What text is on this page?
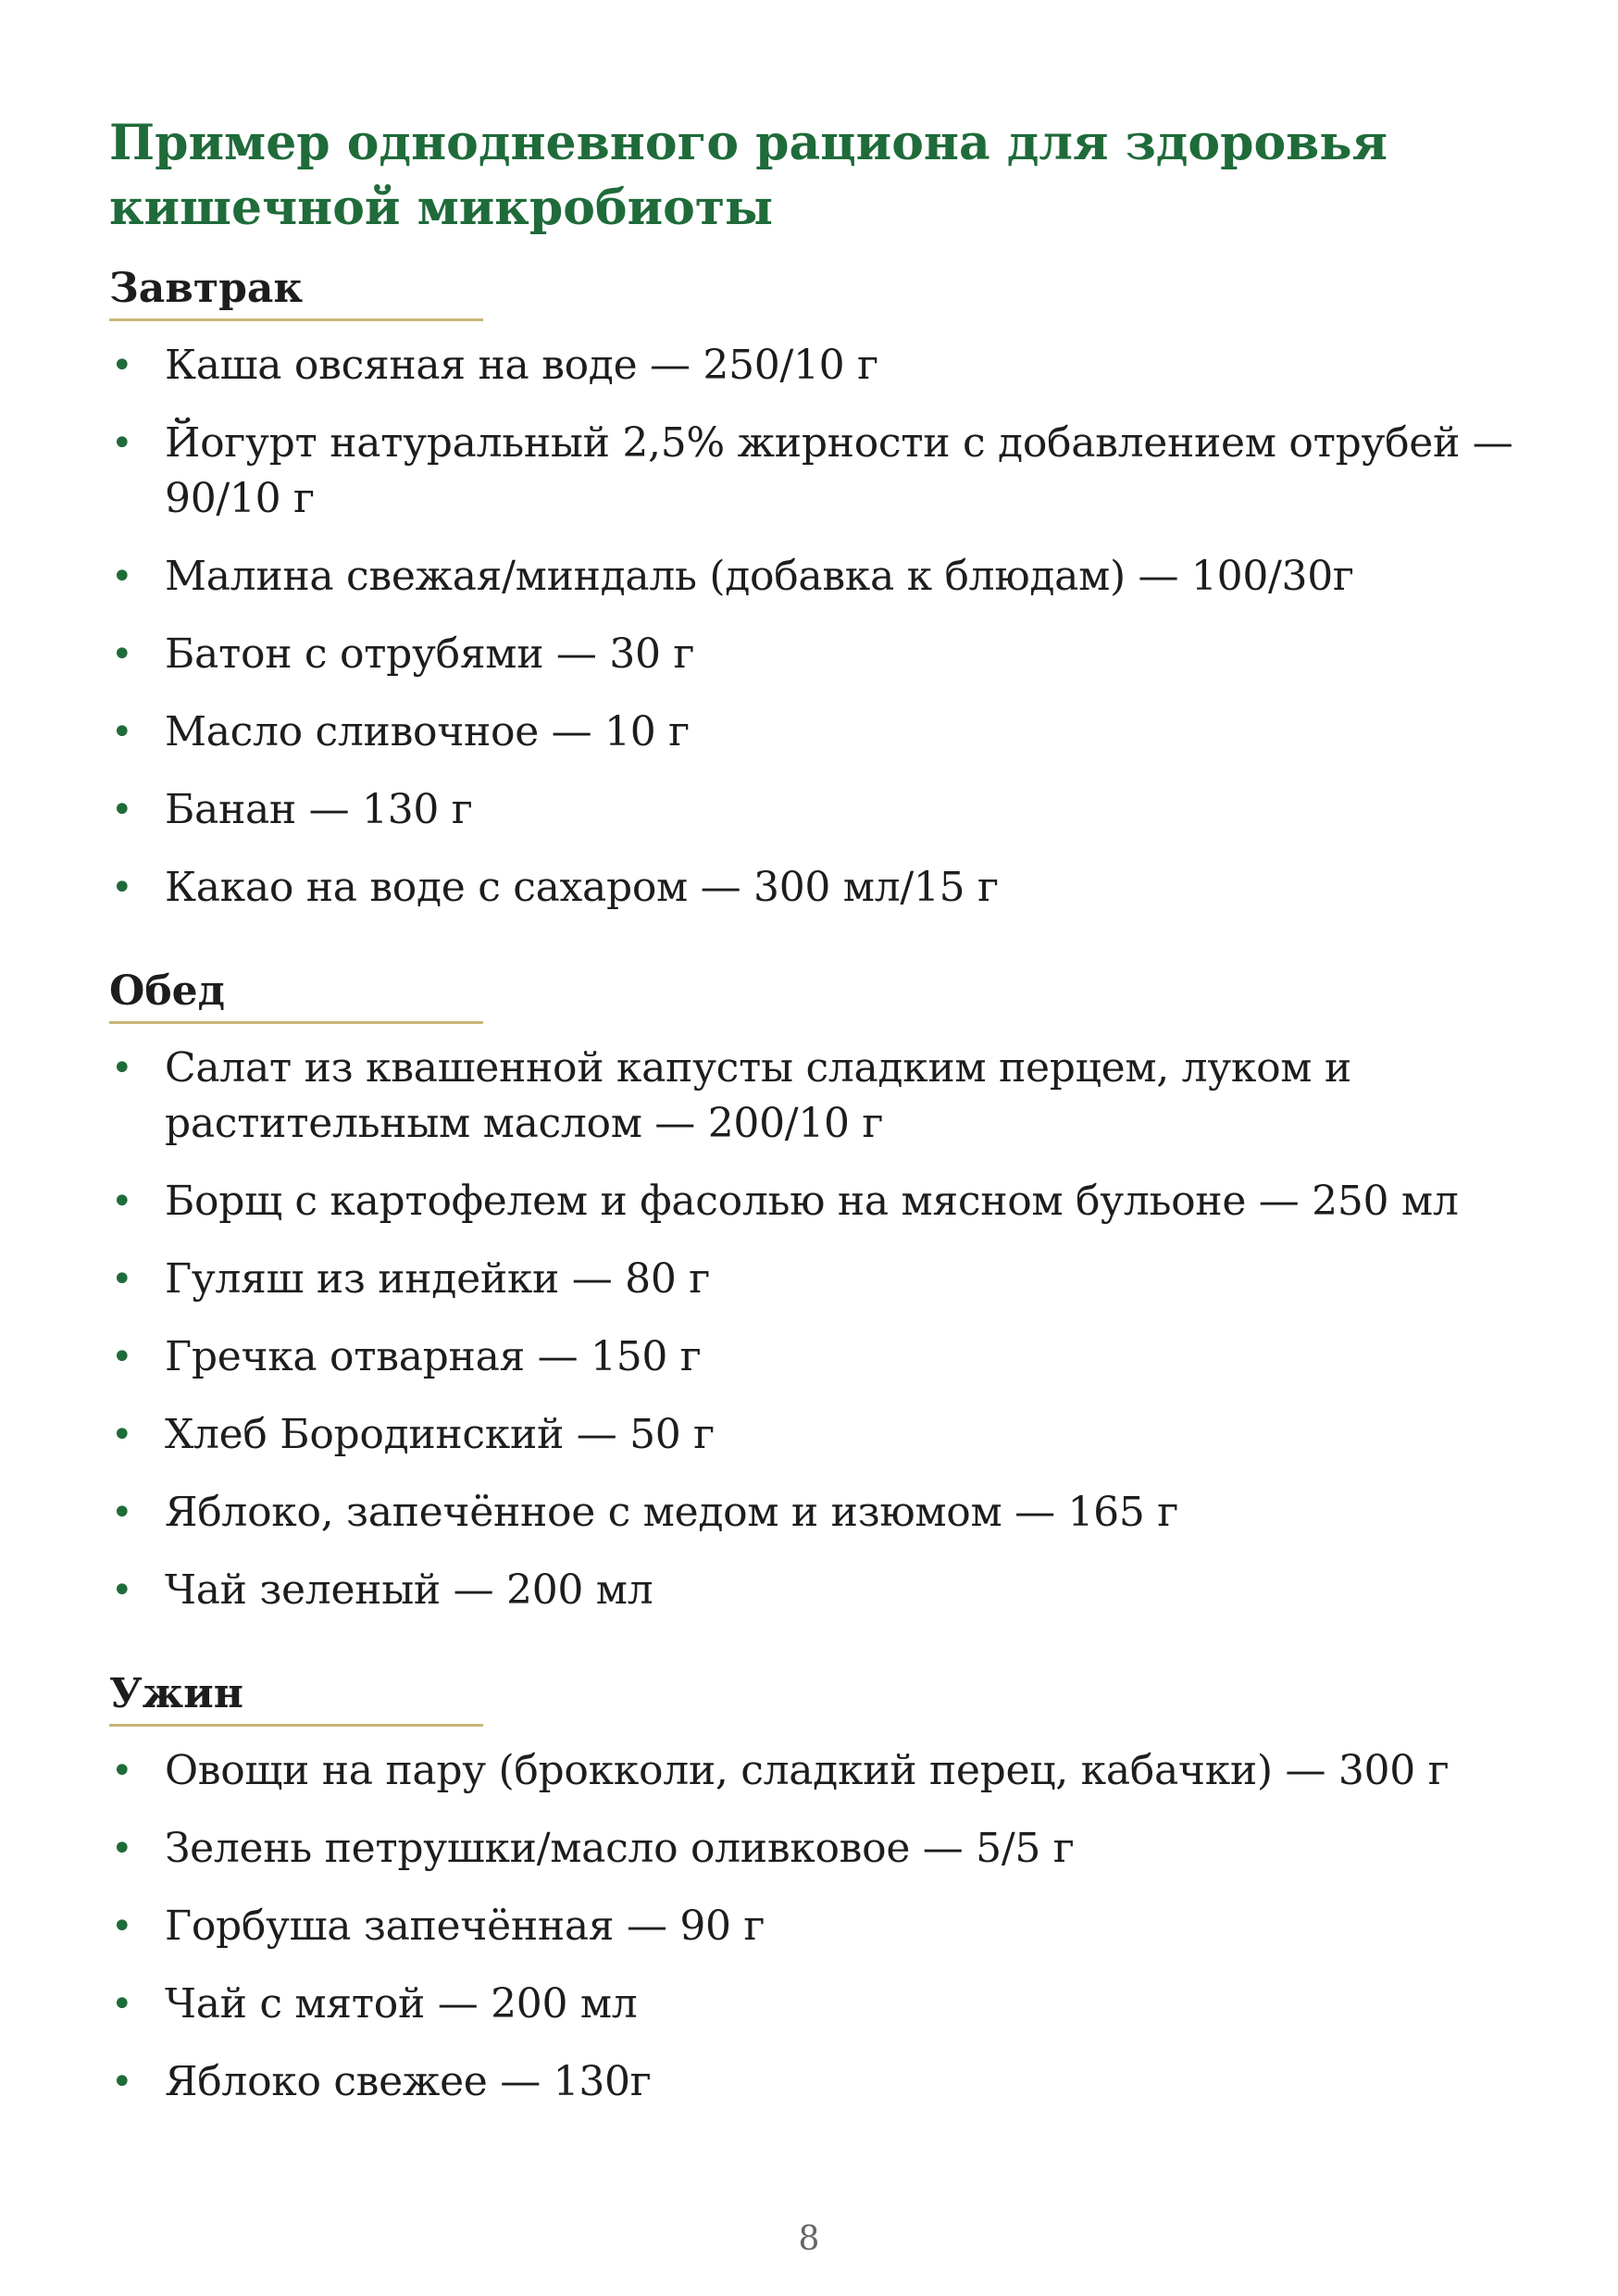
Пример однодневного рациона для здоровья
кишечной микробиоты
Завтрак
• Каша овсяная на воде — 250/10 г
• Йогурт натуральный 2,5% жирности с добавлением отрубей — 90/10 г
• Малина свежая/миндаль (добавка к блюдам) — 100/30г
• Батон с отрубями — 30 г
• Масло сливочное — 10 г
• Банан — 130 г
• Какао на воде с сахаром — 300 мл/15 г
Обед
• Салат из квашенной капусты сладким перцем, луком и растительным маслом — 200/10 г
• Борщ с картофелем и фасолью на мясном бульоне — 250 мл
• Гуляш из индейки — 80 г
• Гречка отварная — 150 г
• Хлеб Бородинский — 50 г
• Яблоко, запечённое с медом и изюмом — 165 г
• Чай зеленый — 200 мл
Ужин
• Овощи на пару (брокколи, сладкий перец, кабачки) — 300 г
• Зелень петрушки/масло оливковое — 5/5 г
• Горбуша запечённая — 90 г
• Чай с мятой — 200 мл
• Яблоко свежее — 130г
8
